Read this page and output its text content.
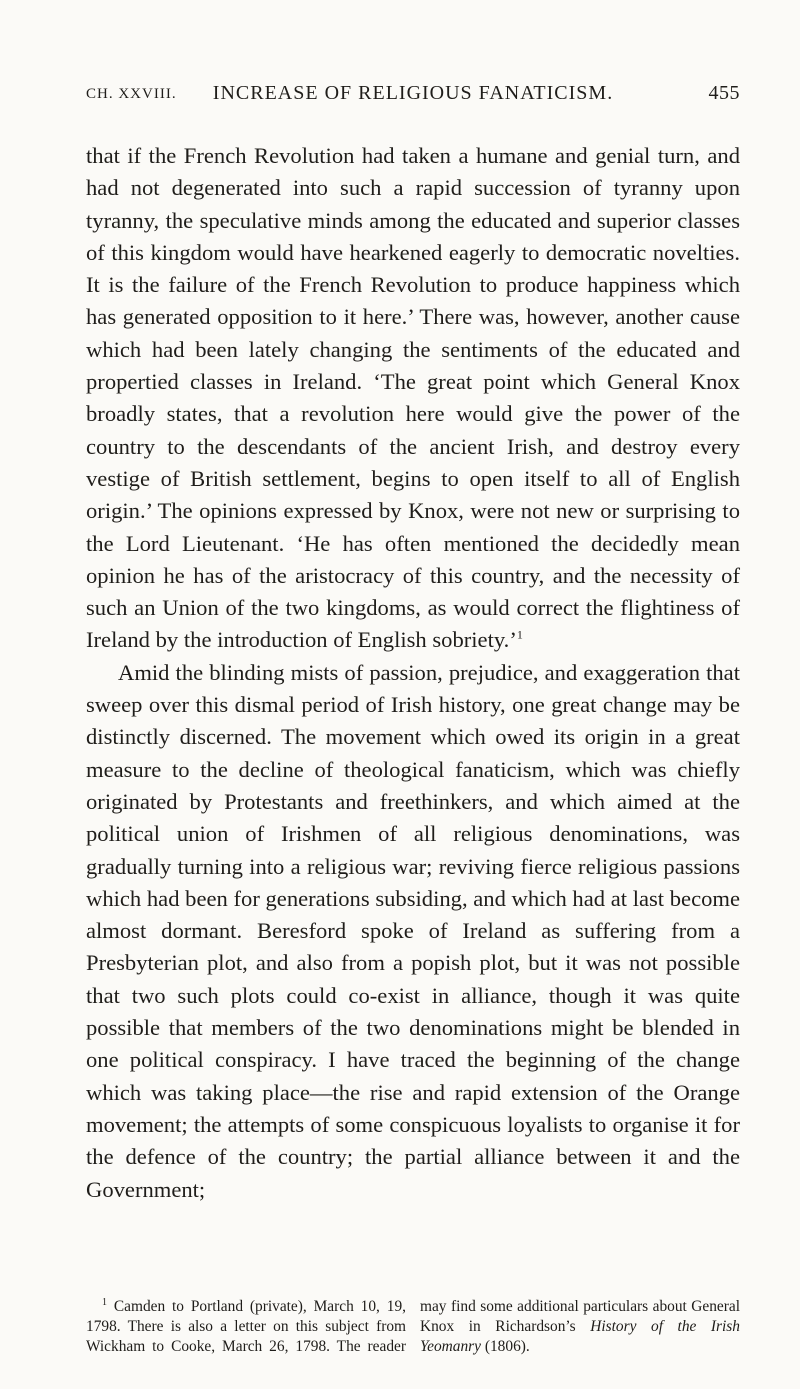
CH. XXVIII.	INCREASE OF RELIGIOUS FANATICISM.	455

that if the French Revolution had taken a humane and genial turn, and had not degenerated into such a rapid succession of tyranny upon tyranny, the speculative minds among the educated and superior classes of this kingdom would have hearkened eagerly to democratic novelties. It is the failure of the French Revolution to produce happiness which has generated opposition to it here.’ There was, however, another cause which had been lately changing the sentiments of the educated and propertied classes in Ireland. ‘The great point which General Knox broadly states, that a revolution here would give the power of the country to the descendants of the ancient Irish, and destroy every vestige of British settlement, begins to open itself to all of English origin.’ The opinions expressed by Knox, were not new or surprising to the Lord Lieutenant. ‘He has often mentioned the decidedly mean opinion he has of the aristocracy of this country, and the necessity of such an Union of the two kingdoms, as would correct the flightiness of Ireland by the introduction of English sobriety.’$^1$

Amid the blinding mists of passion, prejudice, and exaggeration that sweep over this dismal period of Irish history, one great change may be distinctly discerned. The movement which owed its origin in a great measure to the decline of theological fanaticism, which was chiefly originated by Protestants and freethinkers, and which aimed at the political union of Irishmen of all religious denominations, was gradually turning into a religious war; reviving fierce religious passions which had been for generations subsiding, and which had at last become almost dormant. Beresford spoke of Ireland as suffering from a Presbyterian plot, and also from a popish plot, but it was not possible that two such plots could co-exist in alliance, though it was quite possible that members of the two denominations might be blended in one political conspiracy. I have traced the beginning of the change which was taking place—the rise and rapid extension of the Orange movement; the attempts of some conspicuous loyalists to organise it for the defence of the country; the partial alliance between it and the Government;

$^1$ Camden to Portland (private), March 10, 19, 1798. There is also a letter on this subject from Wickham to Cooke, March 26, 1798. The reader may find some additional particulars about General Knox in Richardson’s History of the Irish Yeomanry (1806).
